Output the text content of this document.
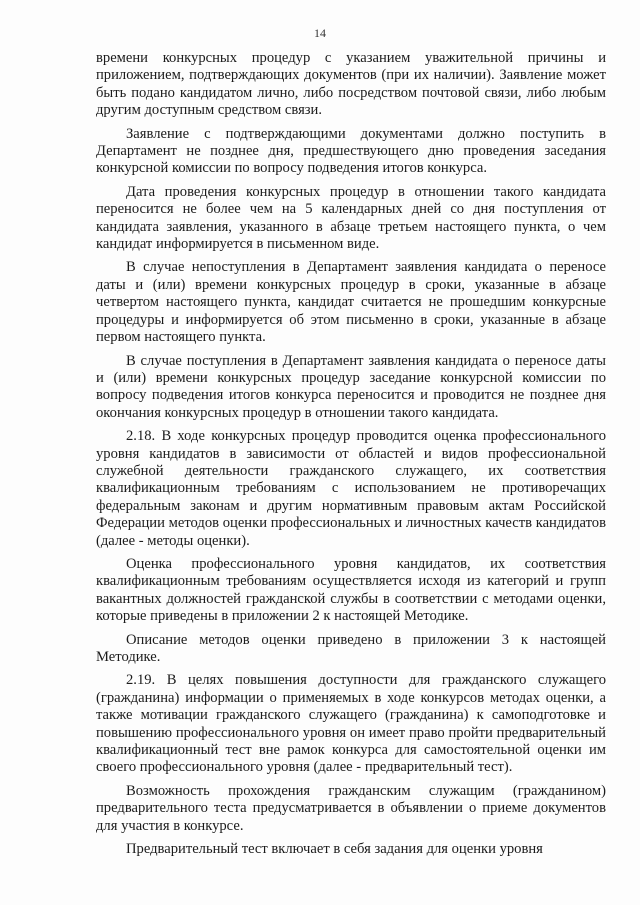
14

времени конкурсных процедур с указанием уважительной причины и приложением, подтверждающих документов (при их наличии). Заявление может быть подано кандидатом лично, либо посредством почтовой связи, либо любым другим доступным средством связи.

Заявление с подтверждающими документами должно поступить в Департамент не позднее дня, предшествующего дню проведения заседания конкурсной комиссии по вопросу подведения итогов конкурса.

Дата проведения конкурсных процедур в отношении такого кандидата переносится не более чем на 5 календарных дней со дня поступления от кандидата заявления, указанного в абзаце третьем настоящего пункта, о чем кандидат информируется в письменном виде.

В случае непоступления в Департамент заявления кандидата о переносе даты и (или) времени конкурсных процедур в сроки, указанные в абзаце четвертом настоящего пункта, кандидат считается не прошедшим конкурсные процедуры и информируется об этом письменно в сроки, указанные в абзаце первом настоящего пункта.

В случае поступления в Департамент заявления кандидата о переносе даты и (или) времени конкурсных процедур заседание конкурсной комиссии по вопросу подведения итогов конкурса переносится и проводится не позднее дня окончания конкурсных процедур в отношении такого кандидата.

2.18. В ходе конкурсных процедур проводится оценка профессионального уровня кандидатов в зависимости от областей и видов профессиональной служебной деятельности гражданского служащего, их соответствия квалификационным требованиям с использованием не противоречащих федеральным законам и другим нормативным правовым актам Российской Федерации методов оценки профессиональных и личностных качеств кандидатов (далее - методы оценки).

Оценка профессионального уровня кандидатов, их соответствия квалификационным требованиям осуществляется исходя из категорий и групп вакантных должностей гражданской службы в соответствии с методами оценки, которые приведены в приложении 2 к настоящей Методике.

Описание методов оценки приведено в приложении 3 к настоящей Методике.

2.19. В целях повышения доступности для гражданского служащего (гражданина) информации о применяемых в ходе конкурсов методах оценки, а также мотивации гражданского служащего (гражданина) к самоподготовке и повышению профессионального уровня он имеет право пройти предварительный квалификационный тест вне рамок конкурса для самостоятельной оценки им своего профессионального уровня (далее - предварительный тест).

Возможность прохождения гражданским служащим (гражданином) предварительного теста предусматривается в объявлении о приеме документов для участия в конкурсе.

Предварительный тест включает в себя задания для оценки уровня
